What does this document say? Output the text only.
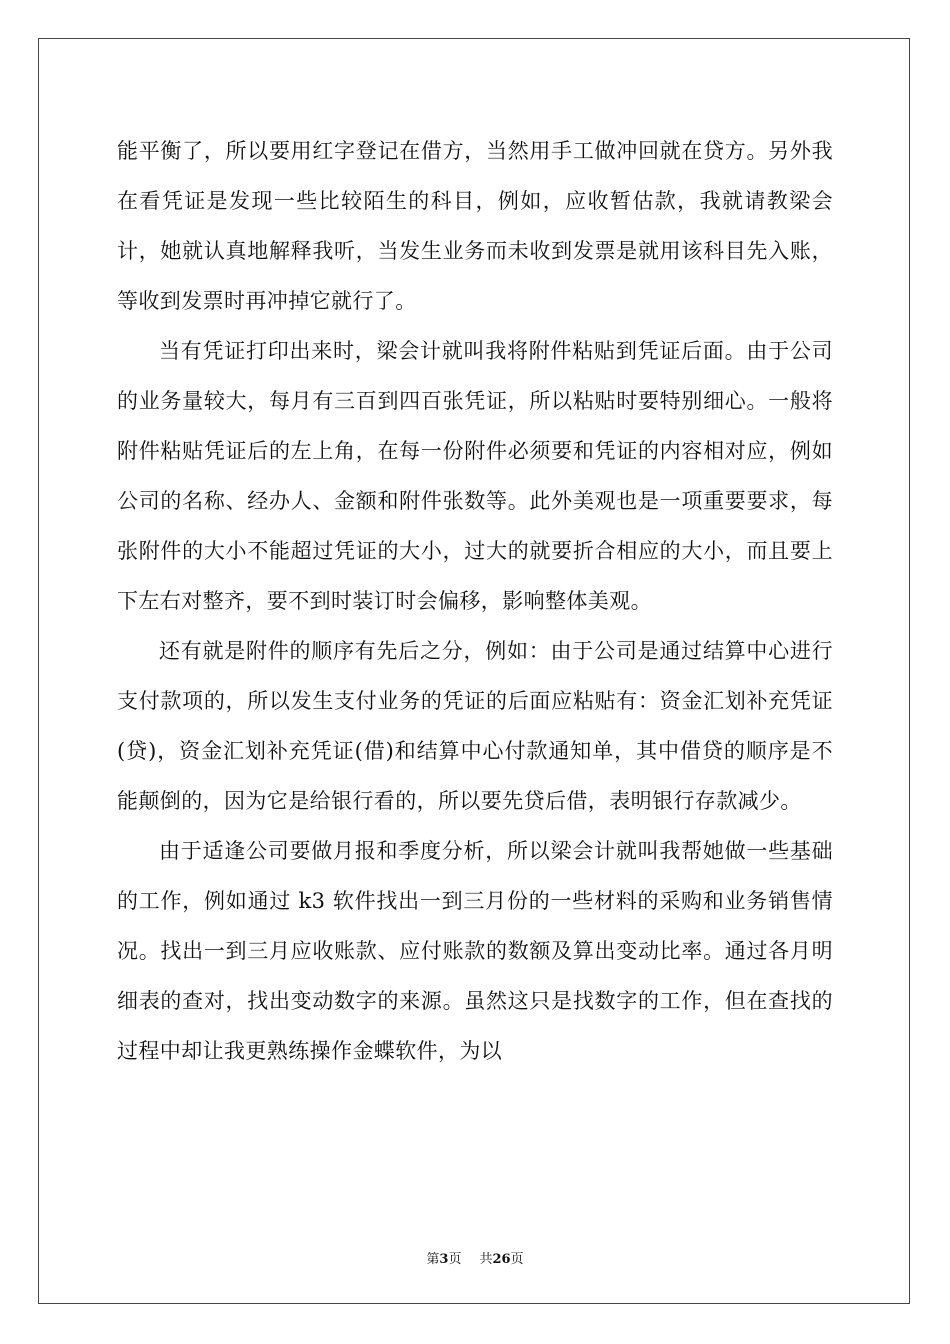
能平衡了，所以要用红字登记在借方，当然用手工做冲回就在贷方。另外我在看凭证是发现一些比较陌生的科目，例如，应收暂估款，我就请教梁会计，她就认真地解释我听，当发生业务而未收到发票是就用该科目先入账，等收到发票时再冲掉它就行了。

当有凭证打印出来时，梁会计就叫我将附件粘贴到凭证后面。由于公司的业务量较大，每月有三百到四百张凭证，所以粘贴时要特别细心。一般将附件粘贴凭证后的左上角，在每一份附件必须要和凭证的内容相对应，例如公司的名称、经办人、金额和附件张数等。此外美观也是一项重要要求，每张附件的大小不能超过凭证的大小，过大的就要折合相应的大小，而且要上下左右对整齐，要不到时装订时会偏移，影响整体美观。

还有就是附件的顺序有先后之分，例如：由于公司是通过结算中心进行支付款项的，所以发生支付业务的凭证的后面应粘贴有：资金汇划补充凭证(贷)，资金汇划补充凭证(借)和结算中心付款通知单，其中借贷的顺序是不能颠倒的，因为它是给银行看的，所以要先贷后借，表明银行存款减少。

由于适逢公司要做月报和季度分析，所以梁会计就叫我帮她做一些基础的工作，例如通过 k3 软件找出一到三月份的一些材料的采购和业务销售情况。找出一到三月应收账款、应付账款的数额及算出变动比率。通过各月明细表的查对，找出变动数字的来源。虽然这只是找数字的工作，但在查找的过程中却让我更熟练操作金蝶软件，为以

第3页 共26页
